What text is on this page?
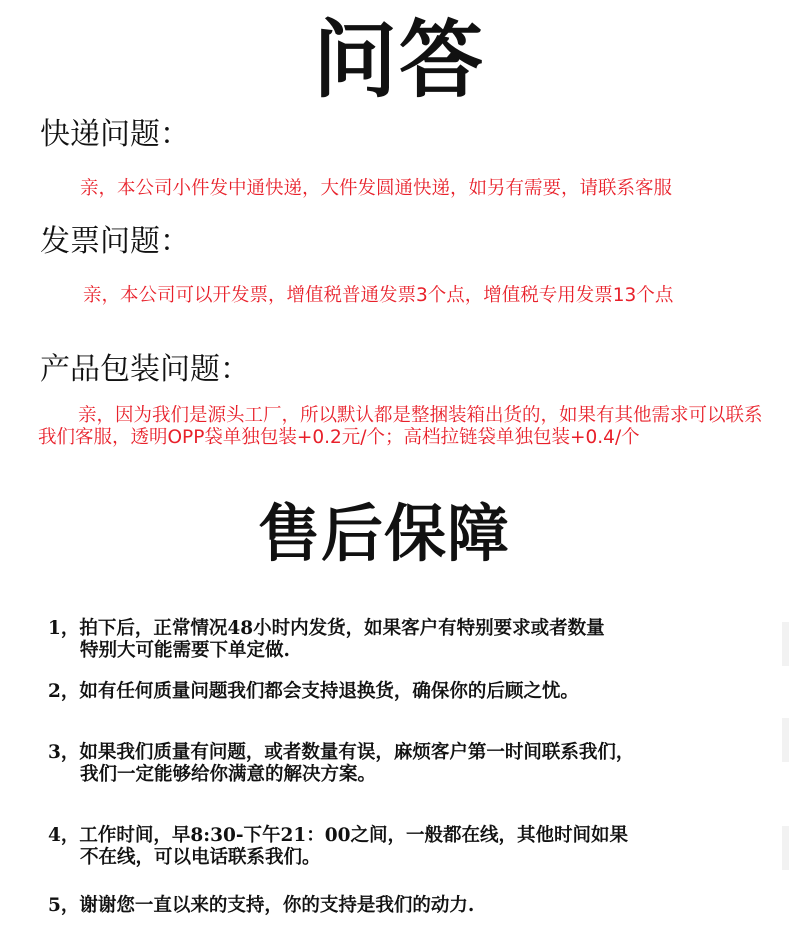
问答
快递问题：
亲，本公司小件发中通快递，大件发圆通快递，如另有需要，请联系客服
发票问题：
亲，本公司可以开发票，增值税普通发票3个点，增值税专用发票13个点
产品包装问题：
亲，因为我们是源头工厂，所以默认都是整捆装箱出货的，如果有其他需求可以联系我们客服，透明OPP袋单独包装+0.2元/个；高档拉链袋单独包装+0.4/个
售后保障
1，拍下后，正常情况48小时内发货，如果客户有特别要求或者数量
特别大可能需要下单定做.
2，如有任何质量问题我们都会支持退换货，确保你的后顾之忧。
3，如果我们质量有问题，或者数量有误，麻烦客户第一时间联系我们，
我们一定能够给你满意的解决方案。
4，工作时间，早8:30-下午21：00之间，一般都在线，其他时间如果
不在线，可以电话联系我们。
5，谢谢您一直以来的支持，你的支持是我们的动力.
